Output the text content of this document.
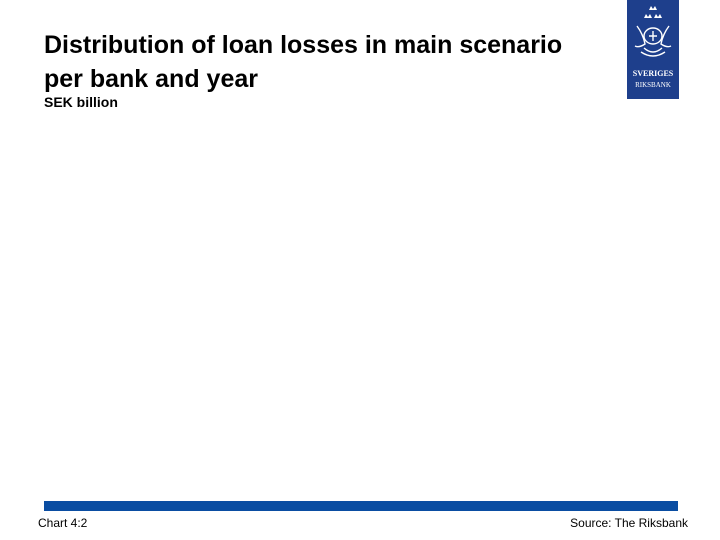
Distribution of loan losses in main scenario
per bank and year
SEK billion
SVERIGES
RIKSBANK
Chart 4:2	Source: The Riksbank
